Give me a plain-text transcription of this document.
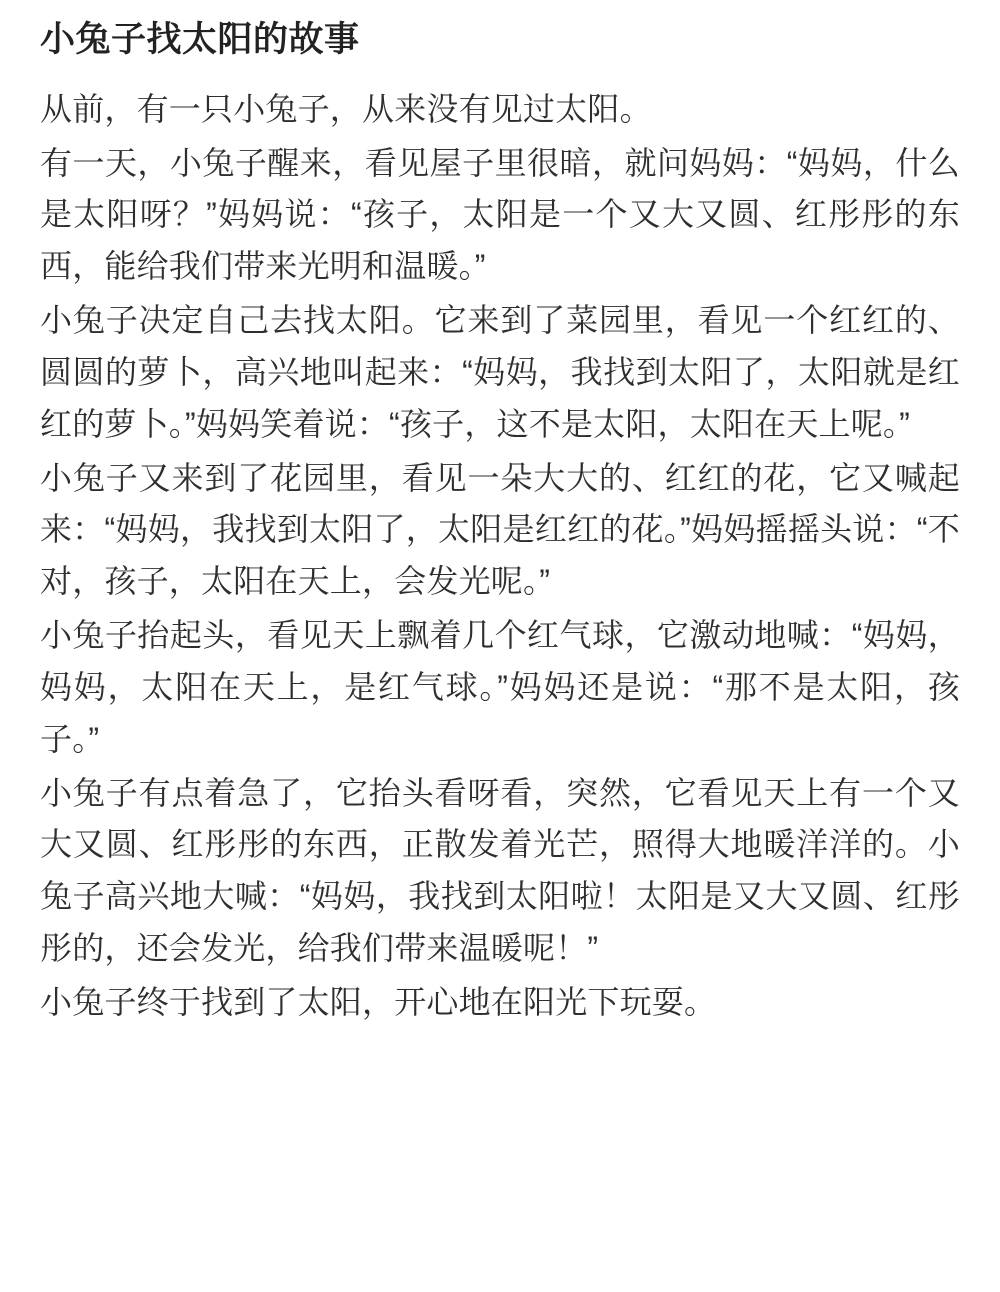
小兔子找太阳的故事

从前，有一只小兔子，从来没有见过太阳。

有一天，小兔子醒来，看见屋子里很暗，就问妈妈：“妈妈，什么是太阳呀？”妈妈说：“孩子，太阳是一个又大又圆、红彤彤的东西，能给我们带来光明和温暖。”

小兔子决定自己去找太阳。它来到了菜园里，看见一个红红的、圆圆的萝卜，高兴地叫起来：“妈妈，我找到太阳了，太阳就是红红的萝卜。”妈妈笑着说：“孩子，这不是太阳，太阳在天上呢。”

小兔子又来到了花园里，看见一朵大大的、红红的花，它又喊起来：“妈妈，我找到太阳了，太阳是红红的花。”妈妈摇摇头说：“不对，孩子，太阳在天上，会发光呢。”

小兔子抬起头，看见天上飘着几个红气球，它激动地喊：“妈妈，妈妈，太阳在天上，是红气球。”妈妈还是说：“那不是太阳，孩子。”

小兔子有点着急了，它抬头看呀看，突然，它看见天上有一个又大又圆、红彤彤的东西，正散发着光芒，照得大地暖洋洋的。小兔子高兴地大喊：“妈妈，我找到太阳啦！太阳是又大又圆、红彤彤的，还会发光，给我们带来温暖呢！”

小兔子终于找到了太阳，开心地在阳光下玩耍。
